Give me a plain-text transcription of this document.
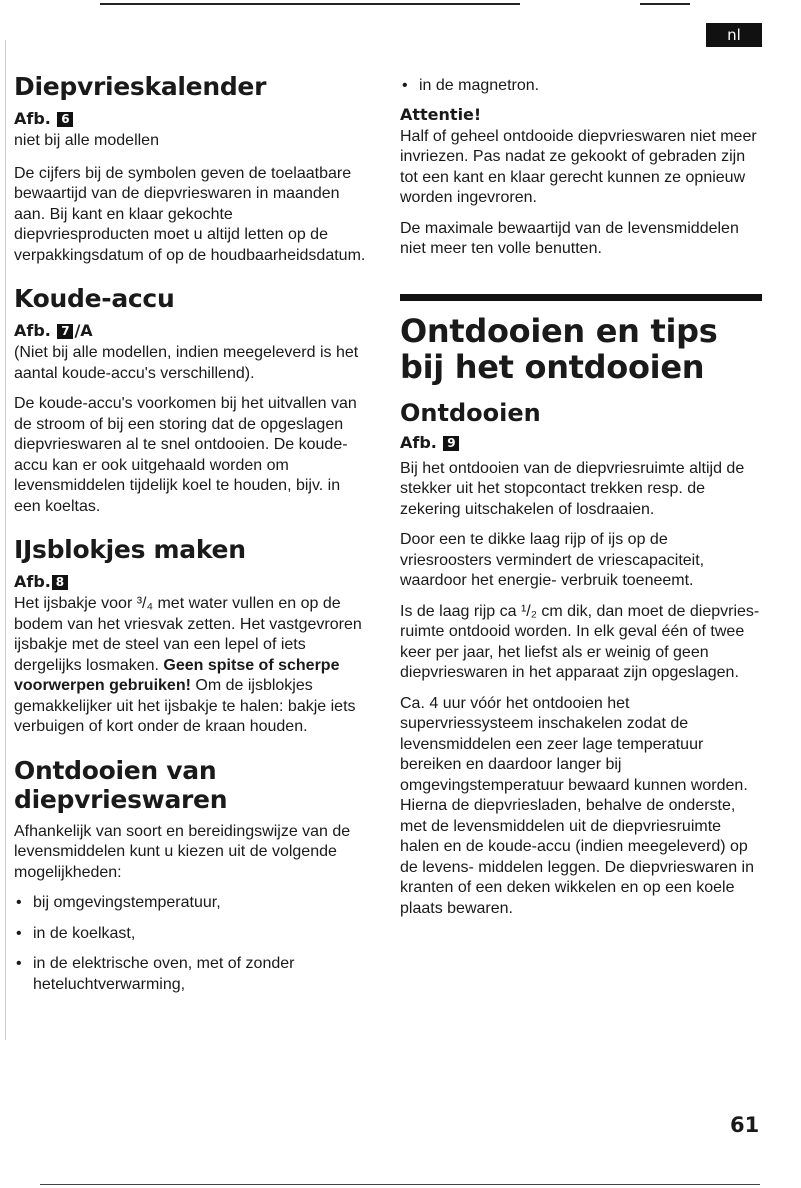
nl
Diepvrieskalender
Afb. 6

niet bij alle modellen

De cijfers bij de symbolen geven de toelaatbare bewaartijd van de diepvrieswaren in maanden aan. Bij kant en klaar gekochte diepvriesproducten moet u altijd letten op de verpakkingsdatum of op de houdbaarheidsdatum.

Koude-accu
Afb. 7 /A

(Niet bij alle modellen, indien meegeleverd is het aantal koude-accu's verschillend).

De koude-accu's voorkomen bij het uitvallen van de stroom of bij een storing dat de opgeslagen diepvrieswaren al te snel ontdooien. De koude-accu kan er ook uitgehaald worden om levensmiddelen tijdelijk koel te houden, bijv. in een koeltas.

IJsblokjes maken
Afb. 8

Het ijsbakje voor ³/₄ met water vullen en op de bodem van het vriesvak zetten. Het vastgevroren ijsbakje met de steel van een lepel of iets dergelijks losmaken. Geen spitse of scherpe voorwerpen gebruiken! Om de ijsblokjes gemakkelijker uit het ijsbakje te halen: bakje iets verbuigen of kort onder de kraan houden.

Ontdooien van diepvrieswaren

Afhankelijk van soort en bereidingswijze van de levensmiddelen kunt u kiezen uit de volgende mogelijkheden:

• bij omgevingstemperatuur,
• in de koelkast,
• in de elektrische oven, met of zonder heteluchtverwarming,
• in de magnetron.
Attentie!

Half of geheel ontdooide diepvrieswaren niet meer invriezen. Pas nadat ze gekookt of gebraden zijn tot een kant en klaar gerecht kunnen ze opnieuw worden ingevroren.

De maximale bewaartijd van de levensmiddelen niet meer ten volle benutten.

Ontdooien en tips bij het ontdooien
Ontdooien
Afb. 9

Bij het ontdooien van de diepvriesruimte altijd de stekker uit het stopcontact trekken resp. de zekering uitschakelen of losdraaien.

Door een te dikke laag rijp of ijs op de vriesroosters vermindert de vriescapaciteit, waardoor het energie- verbruik toeneemt.

Is de laag rijp ca ¹/₂ cm dik, dan moet de diepvries- ruimte ontdooid worden. In elk geval één of twee keer per jaar, het liefst als er weinig of geen diepvrieswaren in het apparaat zijn opgeslagen.

Ca. 4 uur vóór het ontdooien het supervriessysteem inschakelen zodat de levensmiddelen een zeer lage temperatuur bereiken en daardoor langer bij omgevingstemperatuur bewaard kunnen worden. Hierna de diepvriesladen, behalve de onderste, met de levensmiddelen uit de diepvriesruimte halen en de koude-accu (indien meegeleverd) op de levens- middelen leggen. De diepvrieswaren in kranten of een deken wikkelen en op een koele plaats bewaren.

61
